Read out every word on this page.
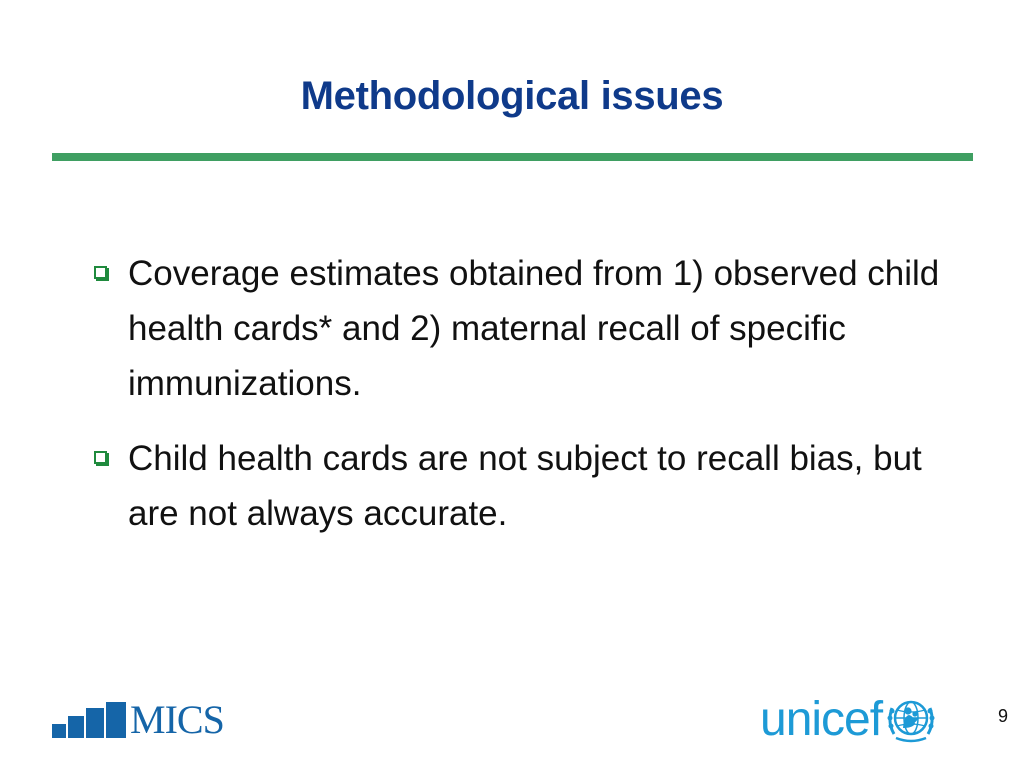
Methodological issues
Coverage estimates obtained from 1) observed child health cards* and 2) maternal recall of specific immunizations.
Child health cards are not subject to recall bias, but are not always accurate.
MICS	unicef	9
